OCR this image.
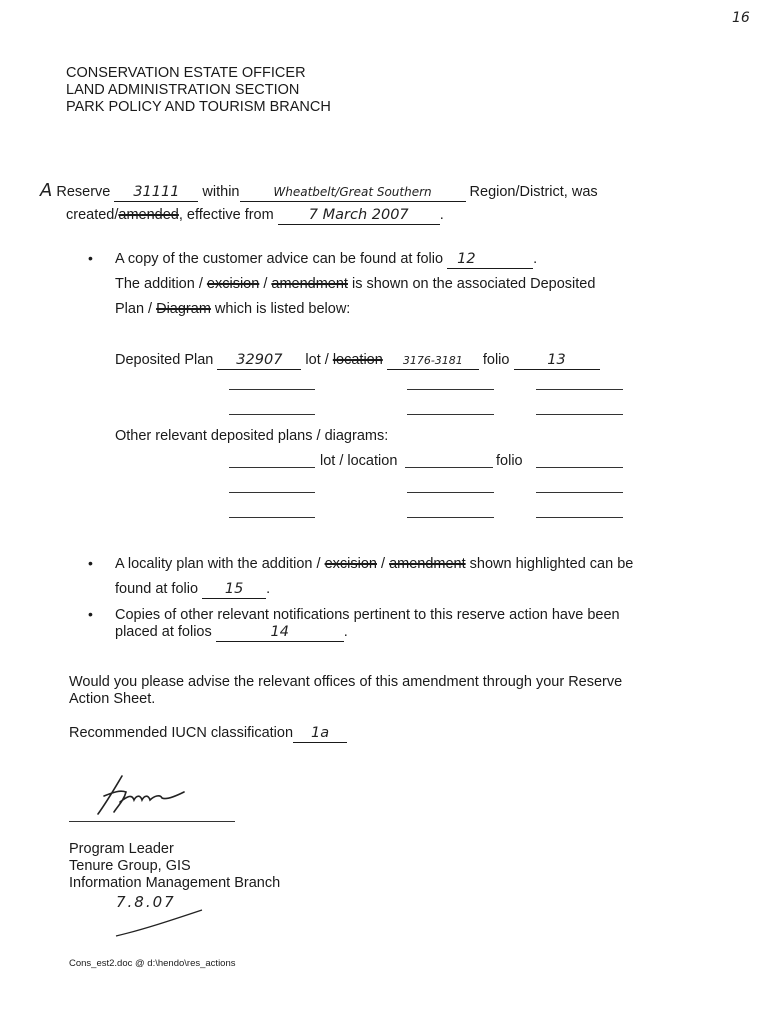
16
CONSERVATION ESTATE OFFICER
LAND ADMINISTRATION SECTION
PARK POLICY AND TOURISM BRANCH
A Reserve 31111 within	Wheatbelt/Great Southern	Region/District, was
created/amended, effective from 7 March 2007 .
• A copy of the customer advice can be found at folio 12	.
The addition / excision / amendment is shown on the associated Deposited
Plan / Diagram which is listed below:
Deposited Plan 32907 lot / location 3176-3181 folio	13
Other relevant deposited plans / diagrams:
lot / location	folio
• A locality plan with the addition / excision / amendment shown highlighted can be
found at folio 15 .
• Copies of other relevant notifications pertinent to this reserve action have been
placed at folios	14	.
Would you please advise the relevant offices of this amendment through your Reserve
Action Sheet.
Recommended IUCN classification 1a
Program Leader
Tenure Group, GIS
Information Management Branch
7.8.07
Cons_est2.doc @ d:\hendo\res_actions
